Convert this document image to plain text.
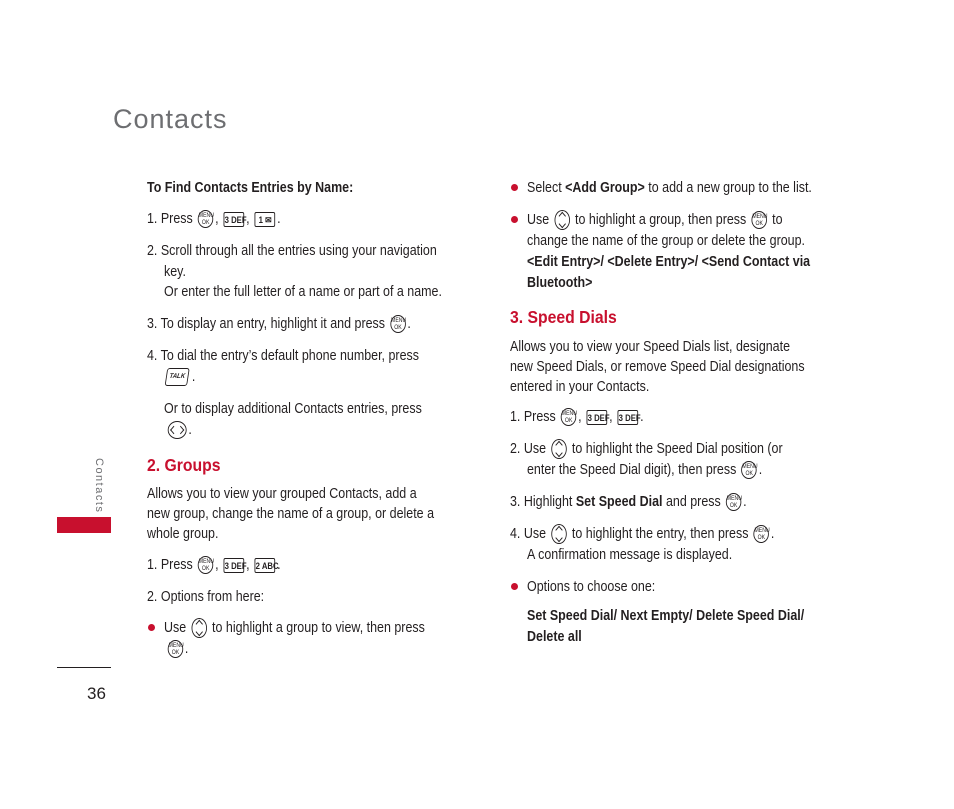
Contacts
To Find Contacts Entries by Name:
1. Press MENU
OK , 3 DEF, 1 ✉ .
2. Scroll through all the entries using your navigation
key.
Or enter the full letter of a name or part of a name.
3. To display an entry, highlight it and press MENU
OK .
4. To dial the entry’s default phone number, press
TALK .
Or to display additional Contacts entries, press
.
2. Groups
Allows you to view your grouped Contacts, add a
new group, change the name of a group, or delete a
whole group.
1. Press MENU
OK , 3 DEF, 2 ABC.
2. Options from here:
Use to highlight a group to view, then press
MENU
OK .
Contacts
36
Select <Add Group> to add a new group to the list.
Use to highlight a group, then press MENU
OK to
change the name of the group or delete the group.
<Edit Entry>/ <Delete Entry>/ <Send Contact via
Bluetooth>
3. Speed Dials
Allows you to view your Speed Dials list, designate
new Speed Dials, or remove Speed Dial designations
entered in your Contacts.
1. Press MENU
OK , 3 DEF, 3 DEF.
2. Use to highlight the Speed Dial position (or
enter the Speed Dial digit), then press MENU
OK .
3. Highlight Set Speed Dial and press MENU
OK .
4. Use to highlight the entry, then press MENU
OK .
A confirmation message is displayed.
Options to choose one:
Set Speed Dial/ Next Empty/ Delete Speed Dial/
Delete all
